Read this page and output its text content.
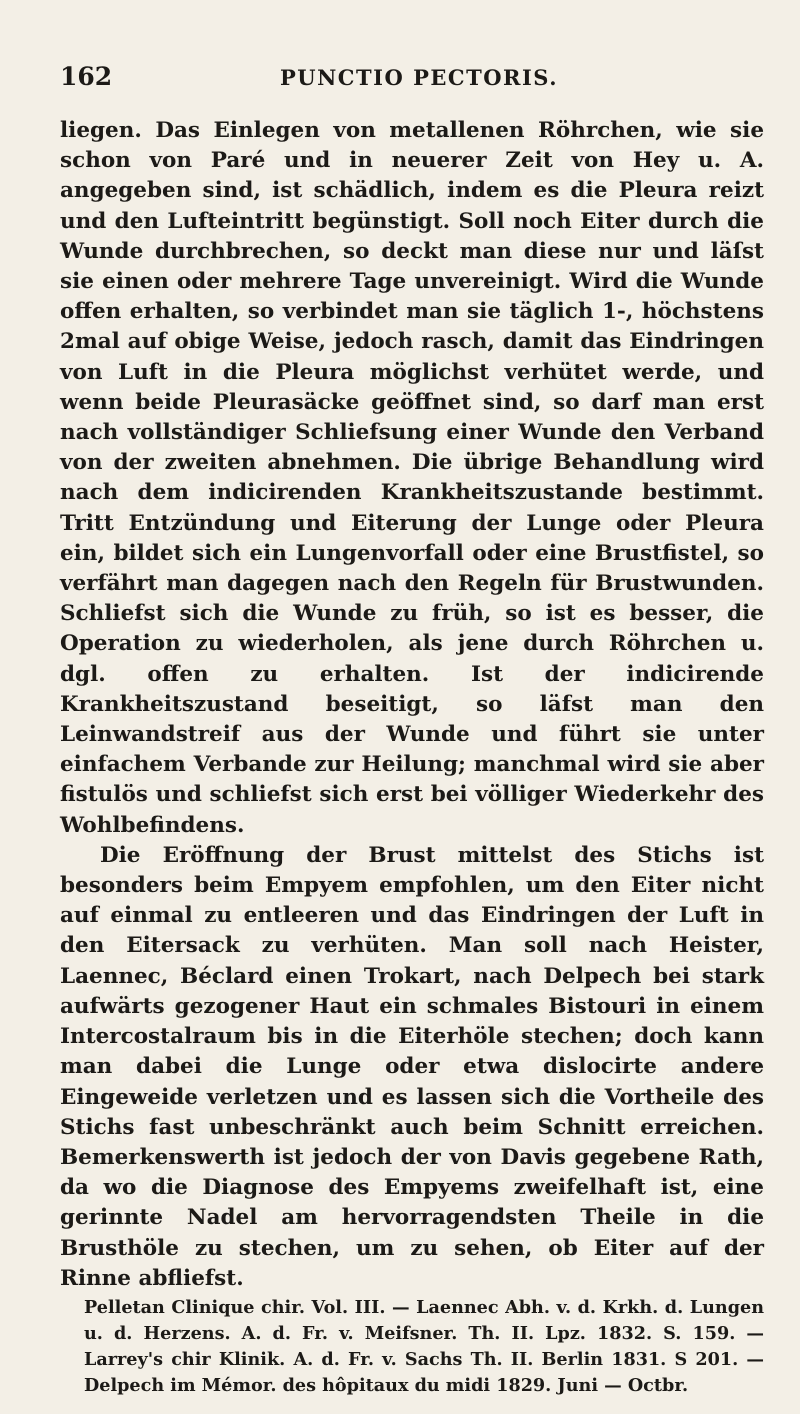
162	PUNCTIO PECTORIS.

liegen. Das Einlegen von metallenen Röhrchen, wie sie schon von Paré und in neuerer Zeit von Hey u. A. angegeben sind, ist schädlich, indem es die Pleura reizt und den Lufteintritt begünstigt. Soll noch Eiter durch die Wunde durchbrechen, so deckt man diese nur und läſst sie einen oder mehrere Tage unvereinigt. Wird die Wunde offen erhalten, so verbindet man sie täglich 1-, höchstens 2mal auf obige Weise, jedoch rasch, damit das Eindringen von Luft in die Pleura möglichst verhütet werde, und wenn beide Pleurasäcke geöffnet sind, so darf man erst nach vollständiger Schliefsung einer Wunde den Verband von der zweiten abnehmen. Die übrige Behandlung wird nach dem indicirenden Krankheitszustande bestimmt. Tritt Entzündung und Eiterung der Lunge oder Pleura ein, bildet sich ein Lungenvorfall oder eine Brustfistel, so verfährt man dagegen nach den Regeln für Brustwunden. Schliefst sich die Wunde zu früh, so ist es besser, die Operation zu wiederholen, als jene durch Röhrchen u. dgl. offen zu erhalten. Ist der indicirende Krankheitszustand beseitigt, so läfst man den Leinwandstreif aus der Wunde und führt sie unter einfachem Verbande zur Heilung; manchmal wird sie aber fistulös und schliefst sich erst bei völliger Wiederkehr des Wohlbefindens.

Die Eröffnung der Brust mittelst des Stichs ist besonders beim Empyem empfohlen, um den Eiter nicht auf einmal zu entleeren und das Eindringen der Luft in den Eitersack zu verhüten. Man soll nach Heister, Laennec, Béclard einen Trokart, nach Delpech bei stark aufwärts gezogener Haut ein schmales Bistouri in einem Intercostalraum bis in die Eiterhöle stechen; doch kann man dabei die Lunge oder etwa dislocirte andere Eingeweide verletzen und es lassen sich die Vortheile des Stichs fast unbeschränkt auch beim Schnitt erreichen. Bemerkenswerth ist jedoch der von Davis gegebene Rath, da wo die Diagnose des Empyems zweifelhaft ist, eine gerinnte Nadel am hervorragendsten Theile in die Brusthöle zu stechen, um zu sehen, ob Eiter auf der Rinne abfliefst.

Pelletan Clinique chir. Vol. III. — Laennec Abh. v. d. Krkh. d. Lungen u. d. Herzens. A. d. Fr. v. Meifsner. Th. II. Lpz. 1832. S. 159. — Larrey's chir Klinik. A. d. Fr. v. Sachs Th. II. Berlin 1831. S 201. — Delpech im Mémor. des hôpitaux du midi 1829. Juni — Octbr.
